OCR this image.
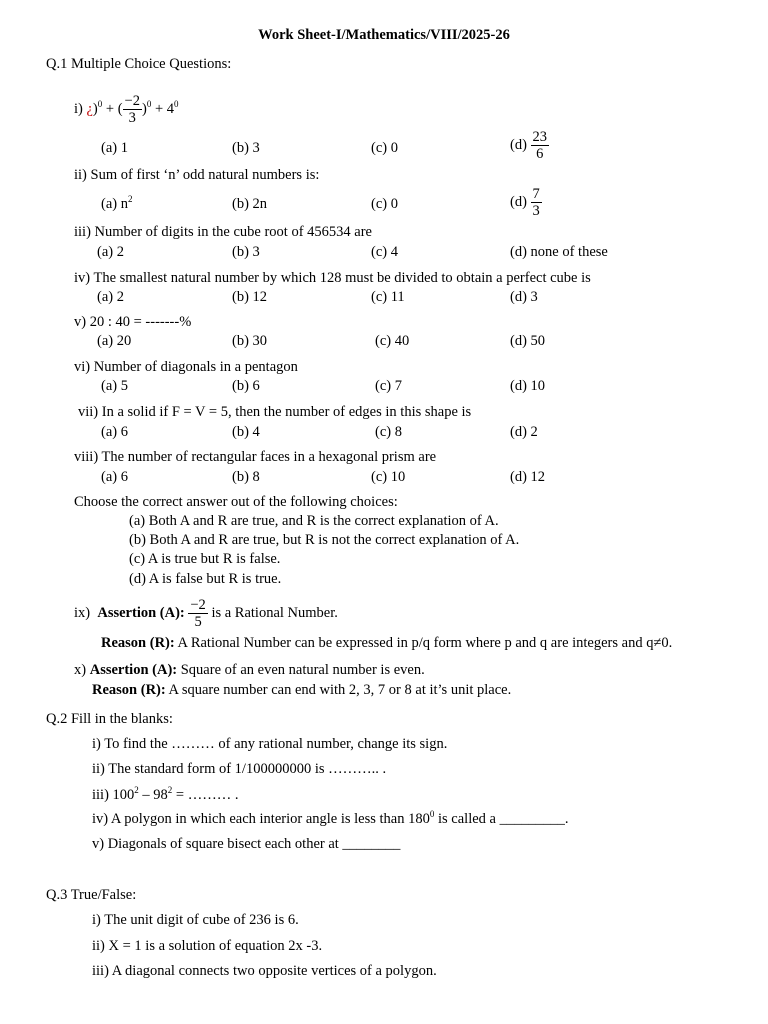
Work Sheet-I/Mathematics/VIII/2025-26
Q.1 Multiple Choice Questions:
i) ¿)$^0$ + ( $\frac{-2}{3} )^0 + 4^0$
(a) 1	(b) 3	(c) 0	$(d) \frac{23}{6}$
ii) Sum of first ‘n’ odd natural numbers is:
(a) $n^2$	(b) 2n	(c) 0	$(d) \frac{7}{3}$
iii) Number of digits in the cube root of 456534 are
(a) 2	(b) 3	(c) 4	(d) none of these
iv) The smallest natural number by which 128 must be divided to obtain a perfect cube is
(a) 2	(b) 12	(c) 11	(d) 3
v) 20 : 40 = -------%
(a) 20	(b) 30	(c) 40	(d) 50
vi) Number of diagonals in a pentagon
(a) 5	(b) 6	(c) 7	(d) 10
vii) In a solid if F = V = 5, then the number of edges in this shape is
(a) 6	(b) 4	(c) 8	(d) 2
viii) The number of rectangular faces in a hexagonal prism are
(a) 6	(b) 8	(c) 10	(d) 12
Choose the correct answer out of the following choices:
(a) Both A and R are true, and R is the correct explanation of A.
(b) Both A and R are true, but R is not the correct explanation of A.
(c) A is true but R is false.
(d) A is false but R is true.
ix) Assertion (A): $\frac{-2}{5}$ is a Rational Number.
Reason (R): A Rational Number can be expressed in p/q form where p and q are integers and q≠0.
x) Assertion (A): Square of an even natural number is even.
Reason (R): A square number can end with 2, 3, 7 or 8 at it’s unit place.
Q.2 Fill in the blanks:
i) To find the ……… of any rational number, change its sign.
ii) The standard form of 1/100000000 is ……….. .
iii) $100^2 - 98^2$ = ……… .
iv) A polygon in which each interior angle is less than $180^0$ is called a _________.
v) Diagonals of square bisect each other at ________
Q.3 True/False:
i) The unit digit of cube of 236 is 6.
ii) X = 1 is a solution of equation 2x -3.
iii) A diagonal connects two opposite vertices of a polygon.
